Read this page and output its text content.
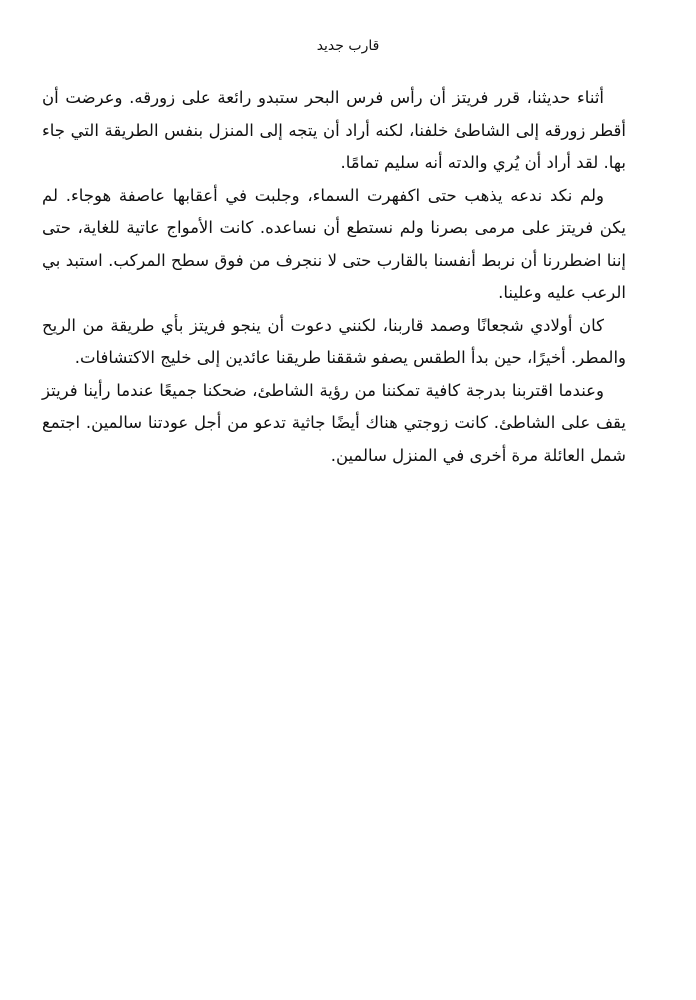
قارب جديد

أثناء حديثنا، قرر فريتز أن رأس فرس البحر ستبدو رائعة على زورقه. وعرضت أن أقطر زورقه إلى الشاطئ خلفنا، لكنه أراد أن يتجه إلى المنزل بنفس الطريقة التي جاء بها. لقد أراد أن يُري والدته أنه سليم تمامًا.

ولم نكد ندعه يذهب حتى اكفهرت السماء، وجلبت في أعقابها عاصفة هوجاء. لم يكن فريتز على مرمى بصرنا ولم نستطع أن نساعده. كانت الأمواج عاتية للغاية، حتى إننا اضطررنا أن نربط أنفسنا بالقارب حتى لا ننجرف من فوق سطح المركب. استبد بي الرعب عليه وعلينا.

كان أولادي شجعانًا وصمد قاربنا، لكنني دعوت أن ينجو فريتز بأي طريقة من الريح والمطر. أخيرًا، حين بدأ الطقس يصفو شققنا طريقنا عائدين إلى خليج الاكتشافات.

وعندما اقتربنا بدرجة كافية تمكننا من رؤية الشاطئ، ضحكنا جميعًا عندما رأينا فريتز يقف على الشاطئ. كانت زوجتي هناك أيضًا جاثية تدعو من أجل عودتنا سالمين. اجتمع شمل العائلة مرة أخرى في المنزل سالمين.
